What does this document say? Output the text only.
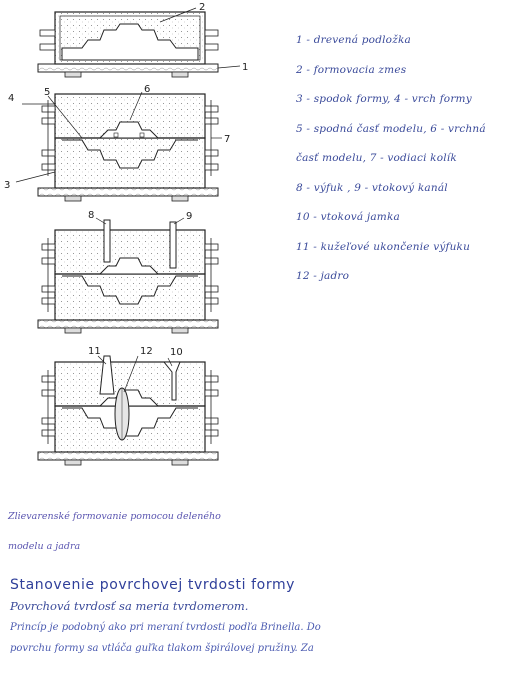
2
1
4
5	6
7
3
8	9
11	12 10
1 - drevená podložka
2 - formovacia zmes
3 - spodok formy, 4 - vrch formy
5 - spodná časť modelu, 6 - vrchná
časť modelu, 7 - vodiaci kolík
8 - výfuk , 9 - vtokový kanál
10 - vtoková jamka
11 - kužeľové ukončenie výfuku
12 - jadro
Zlievarenské formovanie pomocou deleného
modelu a jadra
Stanovenie povrchovej tvrdosti formy
Povrchová tvrdosť sa meria tvrdomerom.
Princíp je podobný ako pri meraní tvrdosti podľa Brinella. Do
povrchu formy sa vtláča guľka tlakom špirálovej pružiny. Za
